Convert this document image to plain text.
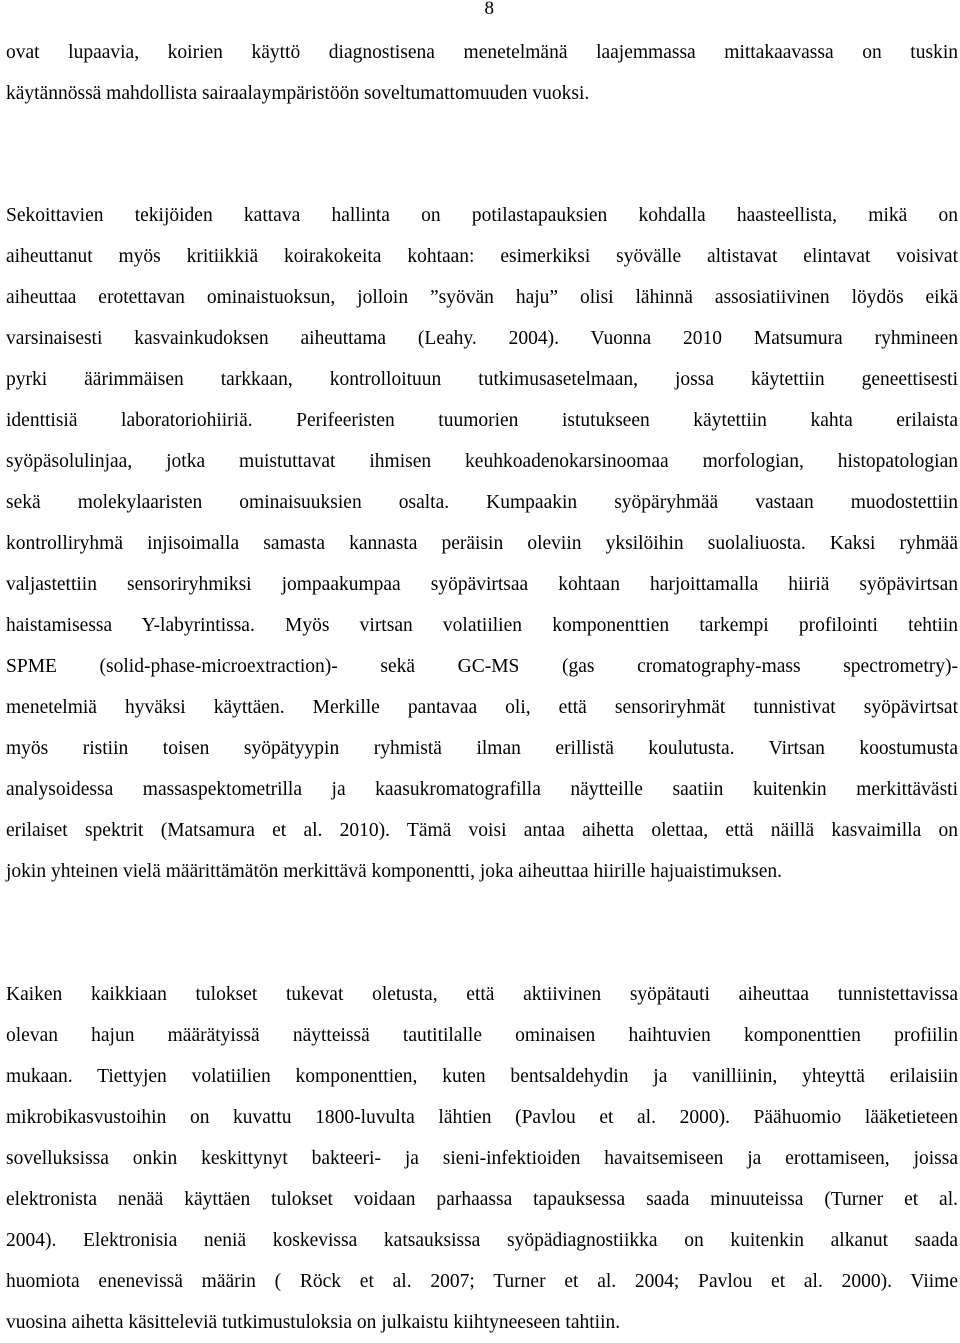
8
ovat lupaavia, koirien käyttö diagnostisena menetelmänä laajemmassa mittakaavassa on tuskin
käytännössä mahdollista sairaalaympäristöön soveltumattomuuden vuoksi.
Sekoittavien tekijöiden kattava hallinta on potilastapauksien kohdalla haasteellista, mikä on
aiheuttanut myös kritiikkiä koirakokeita kohtaan: esimerkiksi syövälle altistavat elintavat voisivat
aiheuttaa erotettavan ominaistuoksun, jolloin ”syövän haju” olisi lähinnä assosiatiivinen löydös eikä
varsinaisesti kasvainkudoksen aiheuttama (Leahy. 2004). Vuonna 2010 Matsumura ryhmineen
pyrki äärimmäisen tarkkaan, kontrolloituun tutkimusasetelmaan, jossa käytettiin geneettisesti
identtisiä laboratoriohiiriä. Perifeeristen tuumorien istutukseen käytettiin kahta erilaista
syöpäsolulinjaa, jotka muistuttavat ihmisen keuhkoadenokarsinoomaa morfologian, histopatologian
sekä molekylaaristen ominaisuuksien osalta. Kumpaakin syöpäryhmää vastaan muodostettiin
kontrolliryhmä injisoimalla samasta kannasta peräisin oleviin yksilöihin suolaliuosta. Kaksi ryhmää
valjastettiin sensoriryhmiksi jompaakumpaa syöpävirtsaa kohtaan harjoittamalla hiiriä syöpävirtsan
haistamisessa Y-labyrintissa. Myös virtsan volatiilien komponenttien tarkempi profilointi tehtiin
SPME (solid-phase-microextraction)- sekä GC-MS (gas cromatography-mass spectrometry)-
menetelmiä hyväksi käyttäen. Merkille pantavaa oli, että sensoriryhmät tunnistivat syöpävirtsat
myös ristiin toisen syöpätyypin ryhmistä ilman erillistä koulutusta. Virtsan koostumusta
analysoidessa massaspektometrilla ja kaasukromatografilla näytteille saatiin kuitenkin merkittävästi
erilaiset spektrit (Matsamura et al. 2010). Tämä voisi antaa aihetta olettaa, että näillä kasvaimilla on
jokin yhteinen vielä määrittämätön merkittävä komponentti, joka aiheuttaa hiirille hajuaistimuksen.
Kaiken kaikkiaan tulokset tukevat oletusta, että aktiivinen syöpätauti aiheuttaa tunnistettavissa
olevan hajun määrätyissä näytteissä tautitilalle ominaisen haihtuvien komponenttien profiilin
mukaan. Tiettyjen volatiilien komponenttien, kuten bentsaldehydin ja vanilliinin, yhteyttä erilaisiin
mikrobikasvustoihin on kuvattu 1800-luvulta lähtien (Pavlou et al. 2000). Päähuomio lääketieteen
sovelluksissa onkin keskittynyt bakteeri- ja sieni-infektioiden havaitsemiseen ja erottamiseen, joissa
elektronista nenää käyttäen tulokset voidaan parhaassa tapauksessa saada minuuteissa (Turner et al.
2004). Elektronisia neniä koskevissa katsauksissa syöpädiagnostiikka on kuitenkin alkanut saada
huomiota enenevissä määrin ( Röck et al. 2007; Turner et al. 2004; Pavlou et al. 2000). Viime
vuosina aihetta käsitteleviä tutkimustuloksia on julkaistu kiihtyneeseen tahtiin.
